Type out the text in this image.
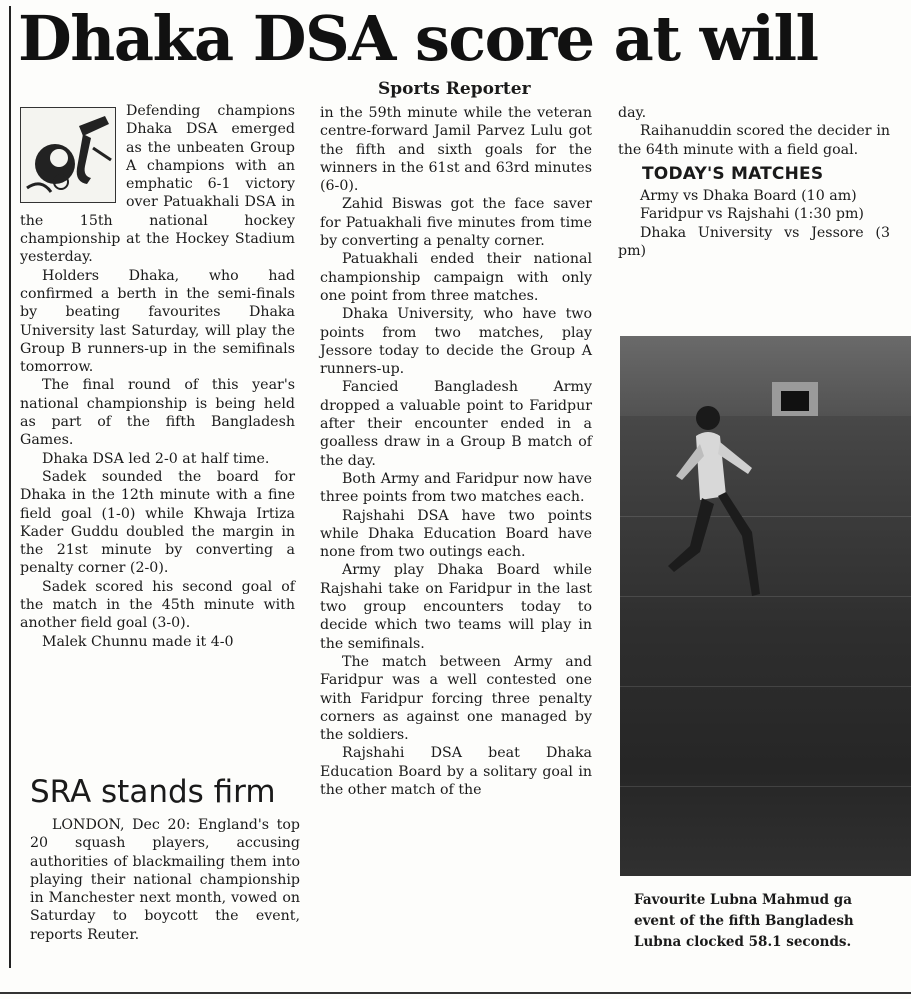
Dhaka DSA score at will
Sports Reporter

Defending champions Dhaka DSA emerged as the unbeaten Group A champions with an emphatic 6-1 victory over Patuakhali DSA in the 15th national hockey championship at the Hockey Stadium yesterday.

Holders Dhaka, who had confirmed a berth in the semi-finals by beating favourites Dhaka University last Saturday, will play the Group B runners-up in the semifinals tomorrow.

The final round of this year's national championship is being held as part of the fifth Bangladesh Games.

Dhaka DSA led 2-0 at half time.

Sadek sounded the board for Dhaka in the 12th minute with a fine field goal (1-0) while Khwaja Irtiza Kader Guddu doubled the margin in the 21st minute by converting a penalty corner (2-0).

Sadek scored his second goal of the match in the 45th minute with another field goal (3-0).

Malek Chunnu made it 4-0

SRA stands firm

LONDON, Dec 20: England's top 20 squash players, accusing authorities of blackmailing them into playing their national championship in Manchester next month, vowed on Saturday to boycott the event, reports Reuter.

in the 59th minute while the veteran centre-forward Jamil Parvez Lulu got the fifth and sixth goals for the winners in the 61st and 63rd minutes (6-0).

Zahid Biswas got the face saver for Patuakhali five minutes from time by converting a penalty corner.

Patuakhali ended their national championship campaign with only one point from three matches.

Dhaka University, who have two points from two matches, play Jessore today to decide the Group A runners-up.

Fancied Bangladesh Army dropped a valuable point to Faridpur after their encounter ended in a goalless draw in a Group B match of the day.

Both Army and Faridpur now have three points from two matches each.

Rajshahi DSA have two points while Dhaka Education Board have none from two outings each.

Army play Dhaka Board while Rajshahi take on Faridpur in the last two group encounters today to decide which two teams will play in the semifinals.

The match between Army and Faridpur was a well contested one with Faridpur forcing three penalty corners as against one managed by the soldiers.

Rajshahi DSA beat Dhaka Education Board by a solitary goal in the other match of the

day.

Raihanuddin scored the decider in the 64th minute with a field goal.

TODAY'S MATCHES

Army vs Dhaka Board (10 am)

Faridpur vs Rajshahi (1:30 pm)

Dhaka University vs Jessore (3 pm)

Favourite Lubna Mahmud ga
event of the fifth Bangladesh
Lubna clocked 58.1 seconds.
